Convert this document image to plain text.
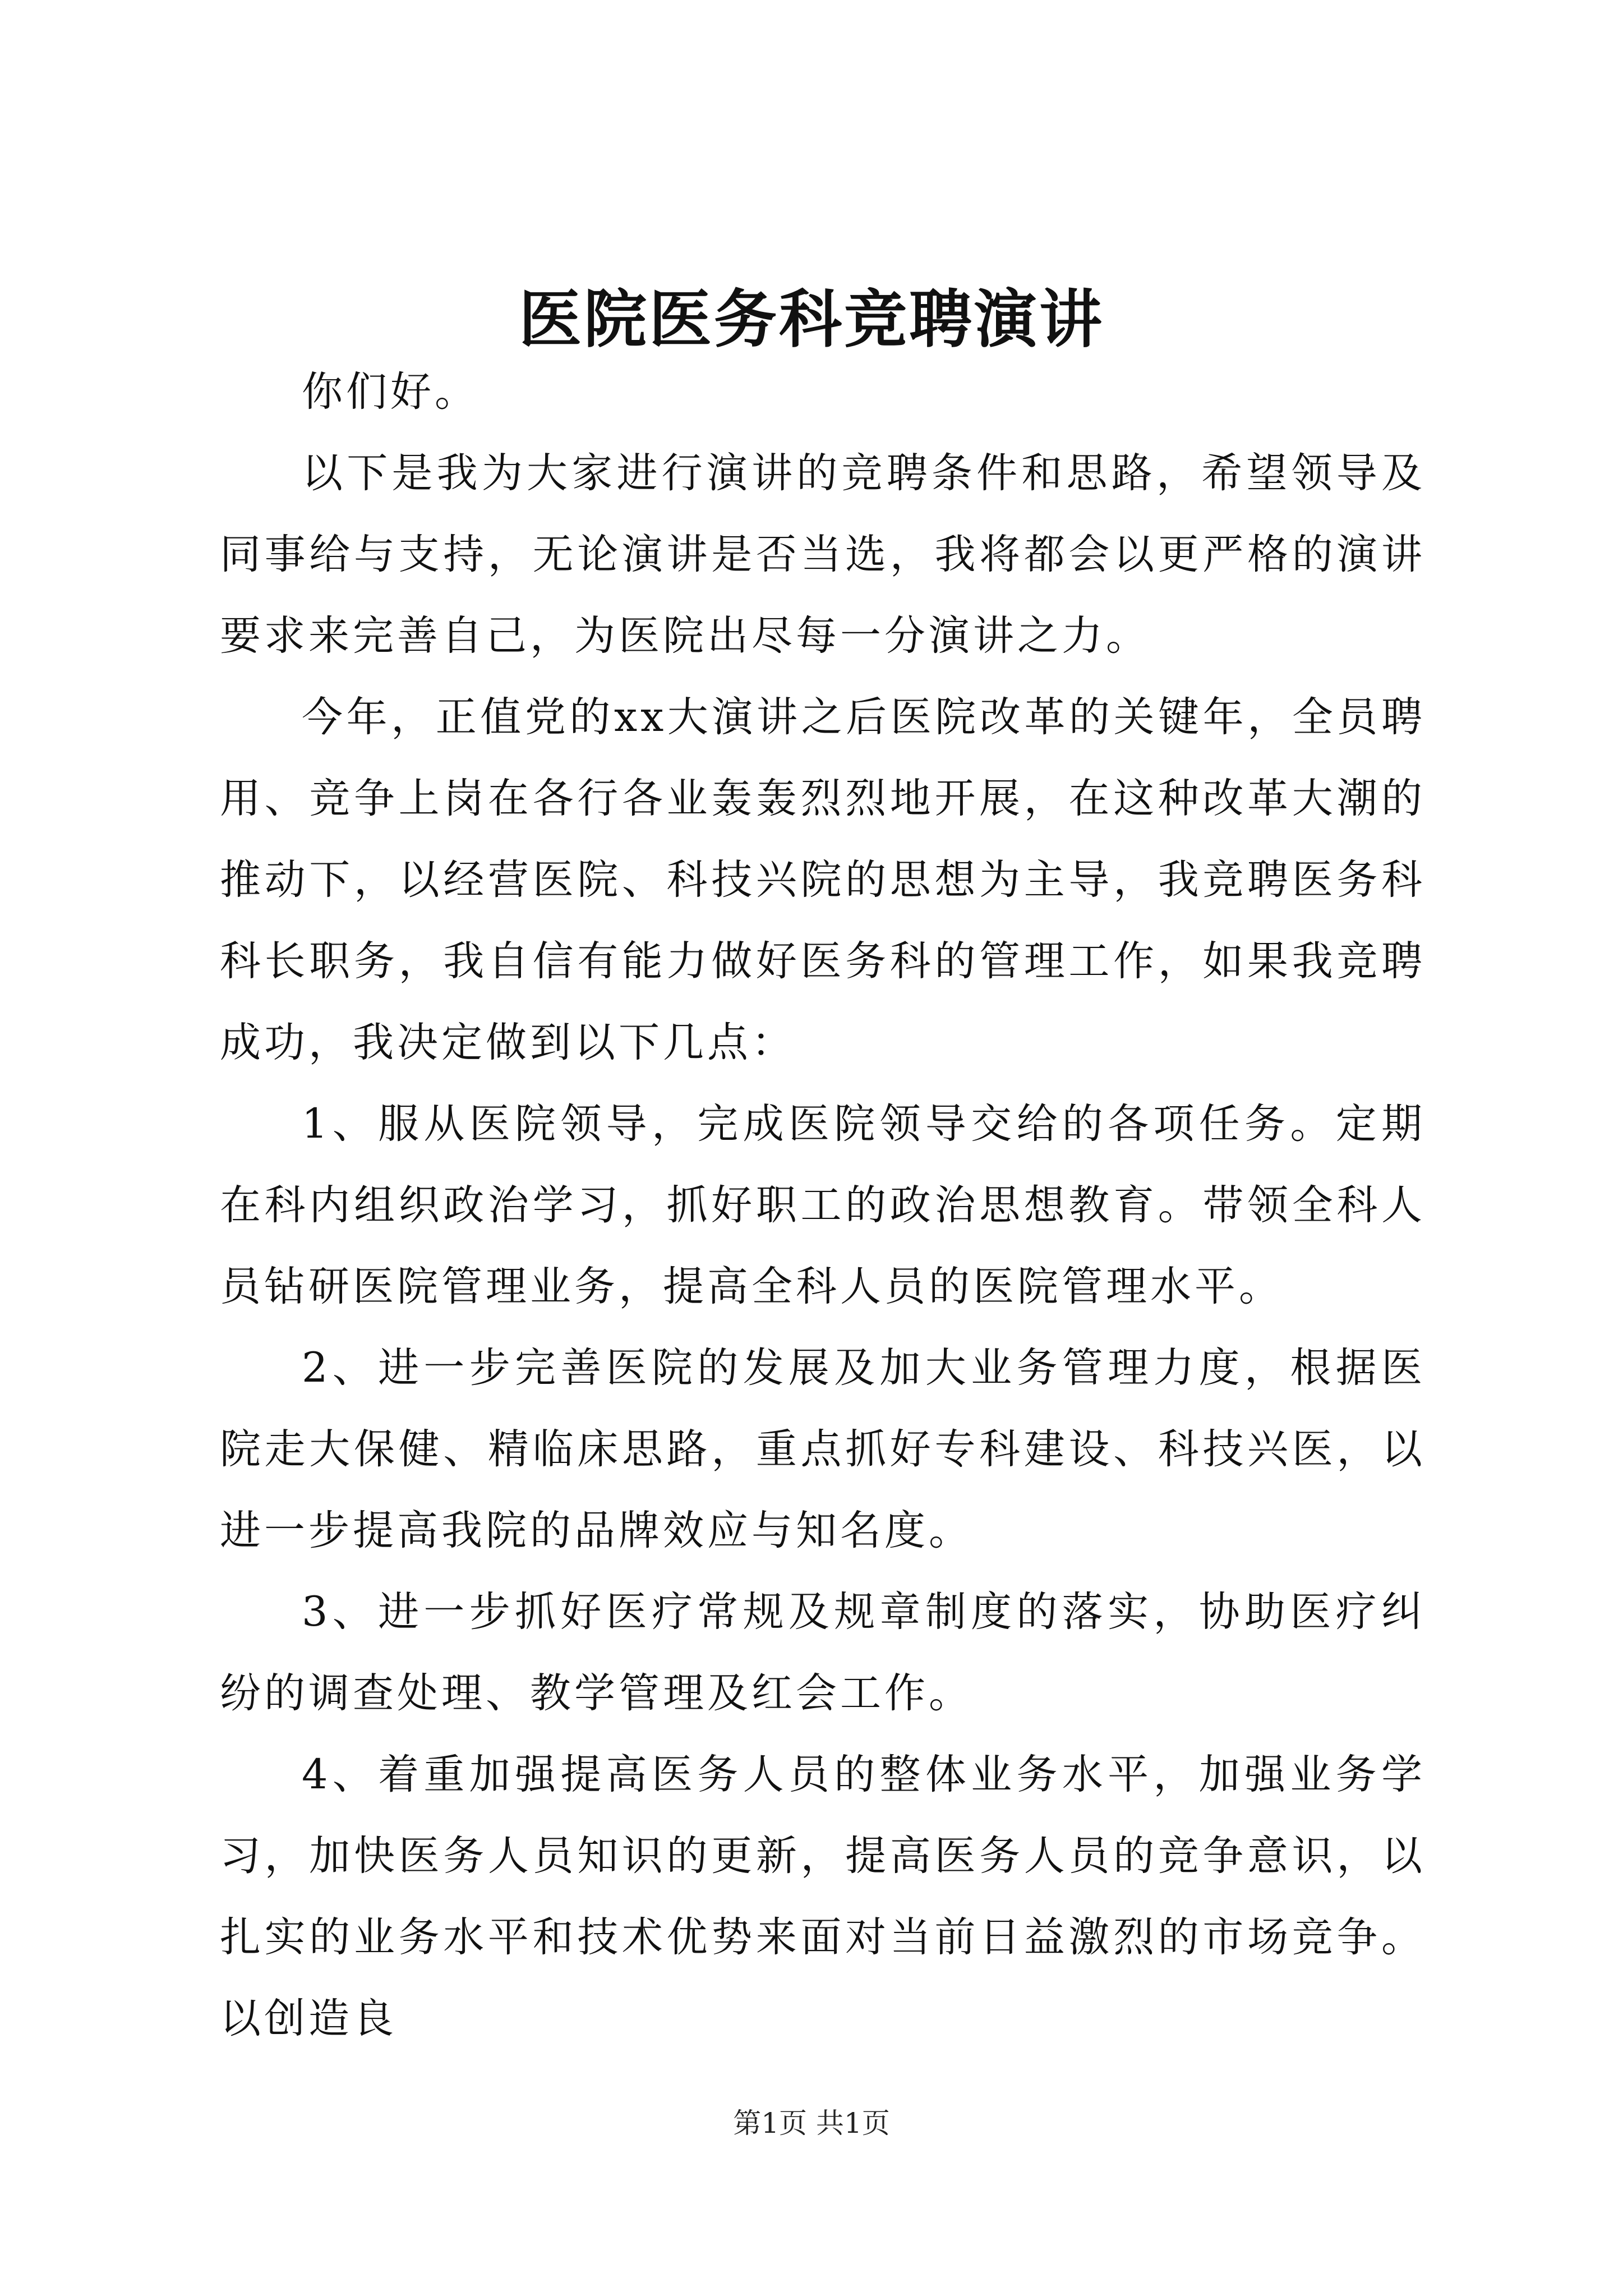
医院医务科竞聘演讲

你们好。

以下是我为大家进行演讲的竞聘条件和思路，希望领导及同事给与支持，无论演讲是否当选，我将都会以更严格的演讲要求来完善自己，为医院出尽每一分演讲之力。

今年，正值党的xx大演讲之后医院改革的关键年，全员聘用、竞争上岗在各行各业轰轰烈烈地开展，在这种改革大潮的推动下，以经营医院、科技兴院的思想为主导，我竞聘医务科科长职务，我自信有能力做好医务科的管理工作，如果我竞聘成功，我决定做到以下几点：

1、服从医院领导，完成医院领导交给的各项任务。定期在科内组织政治学习，抓好职工的政治思想教育。带领全科人员钻研医院管理业务，提高全科人员的医院管理水平。

2、进一步完善医院的发展及加大业务管理力度，根据医院走大保健、精临床思路，重点抓好专科建设、科技兴医，以进一步提高我院的品牌效应与知名度。

3、进一步抓好医疗常规及规章制度的落实，协助医疗纠纷的调查处理、教学管理及红会工作。

4、着重加强提高医务人员的整体业务水平，加强业务学习，加快医务人员知识的更新，提高医务人员的竞争意识，以扎实的业务水平和技术优势来面对当前日益激烈的市场竞争。以创造良

第1页 共1页
